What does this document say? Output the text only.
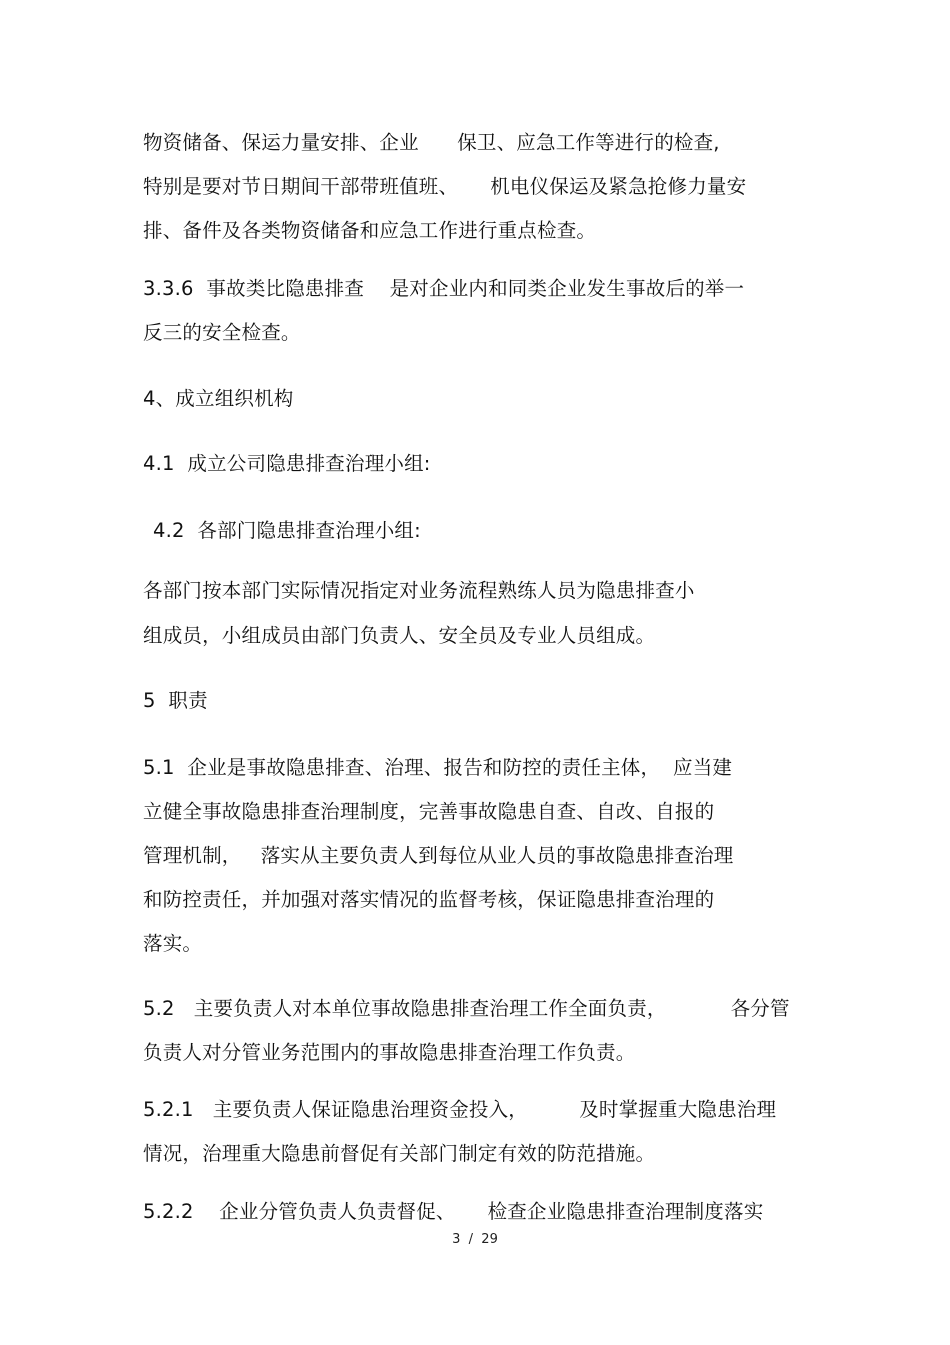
物资储备、保运力量安排、企业      保卫、应急工作等进行的检查,
特别是要对节日期间干部带班值班、     机电仪保运及紧急抢修力量安
排、备件及各类物资储备和应急工作进行重点检查。
3.3.6  事故类比隐患排查    是对企业内和同类企业发生事故后的举一
反三的安全检查。
4、成立组织机构
4.1  成立公司隐患排查治理小组:
4.2  各部门隐患排查治理小组:
各部门按本部门实际情况指定对业务流程熟练人员为隐患排查小
组成员，小组成员由部门负责人、安全员及专业人员组成。
5  职责
5.1  企业是事故隐患排查、治理、报告和防控的责任主体，  应当建
立健全事故隐患排查治理制度，完善事故隐患自查、自改、自报的
管理机制，   落实从主要负责人到每位从业人员的事故隐患排查治理
和防控责任，并加强对落实情况的监督考核，保证隐患排查治理的
落实。
5.2   主要负责人对本单位事故隐患排查治理工作全面负责，          各分管
负责人对分管业务范围内的事故隐患排查治理工作负责。
5.2.1   主要负责人保证隐患治理资金投入，        及时掌握重大隐患治理
情况，治理重大隐患前督促有关部门制定有效的防范措施。
5.2.2    企业分管负责人负责督促、     检查企业隐患排查治理制度落实
3  /  29
